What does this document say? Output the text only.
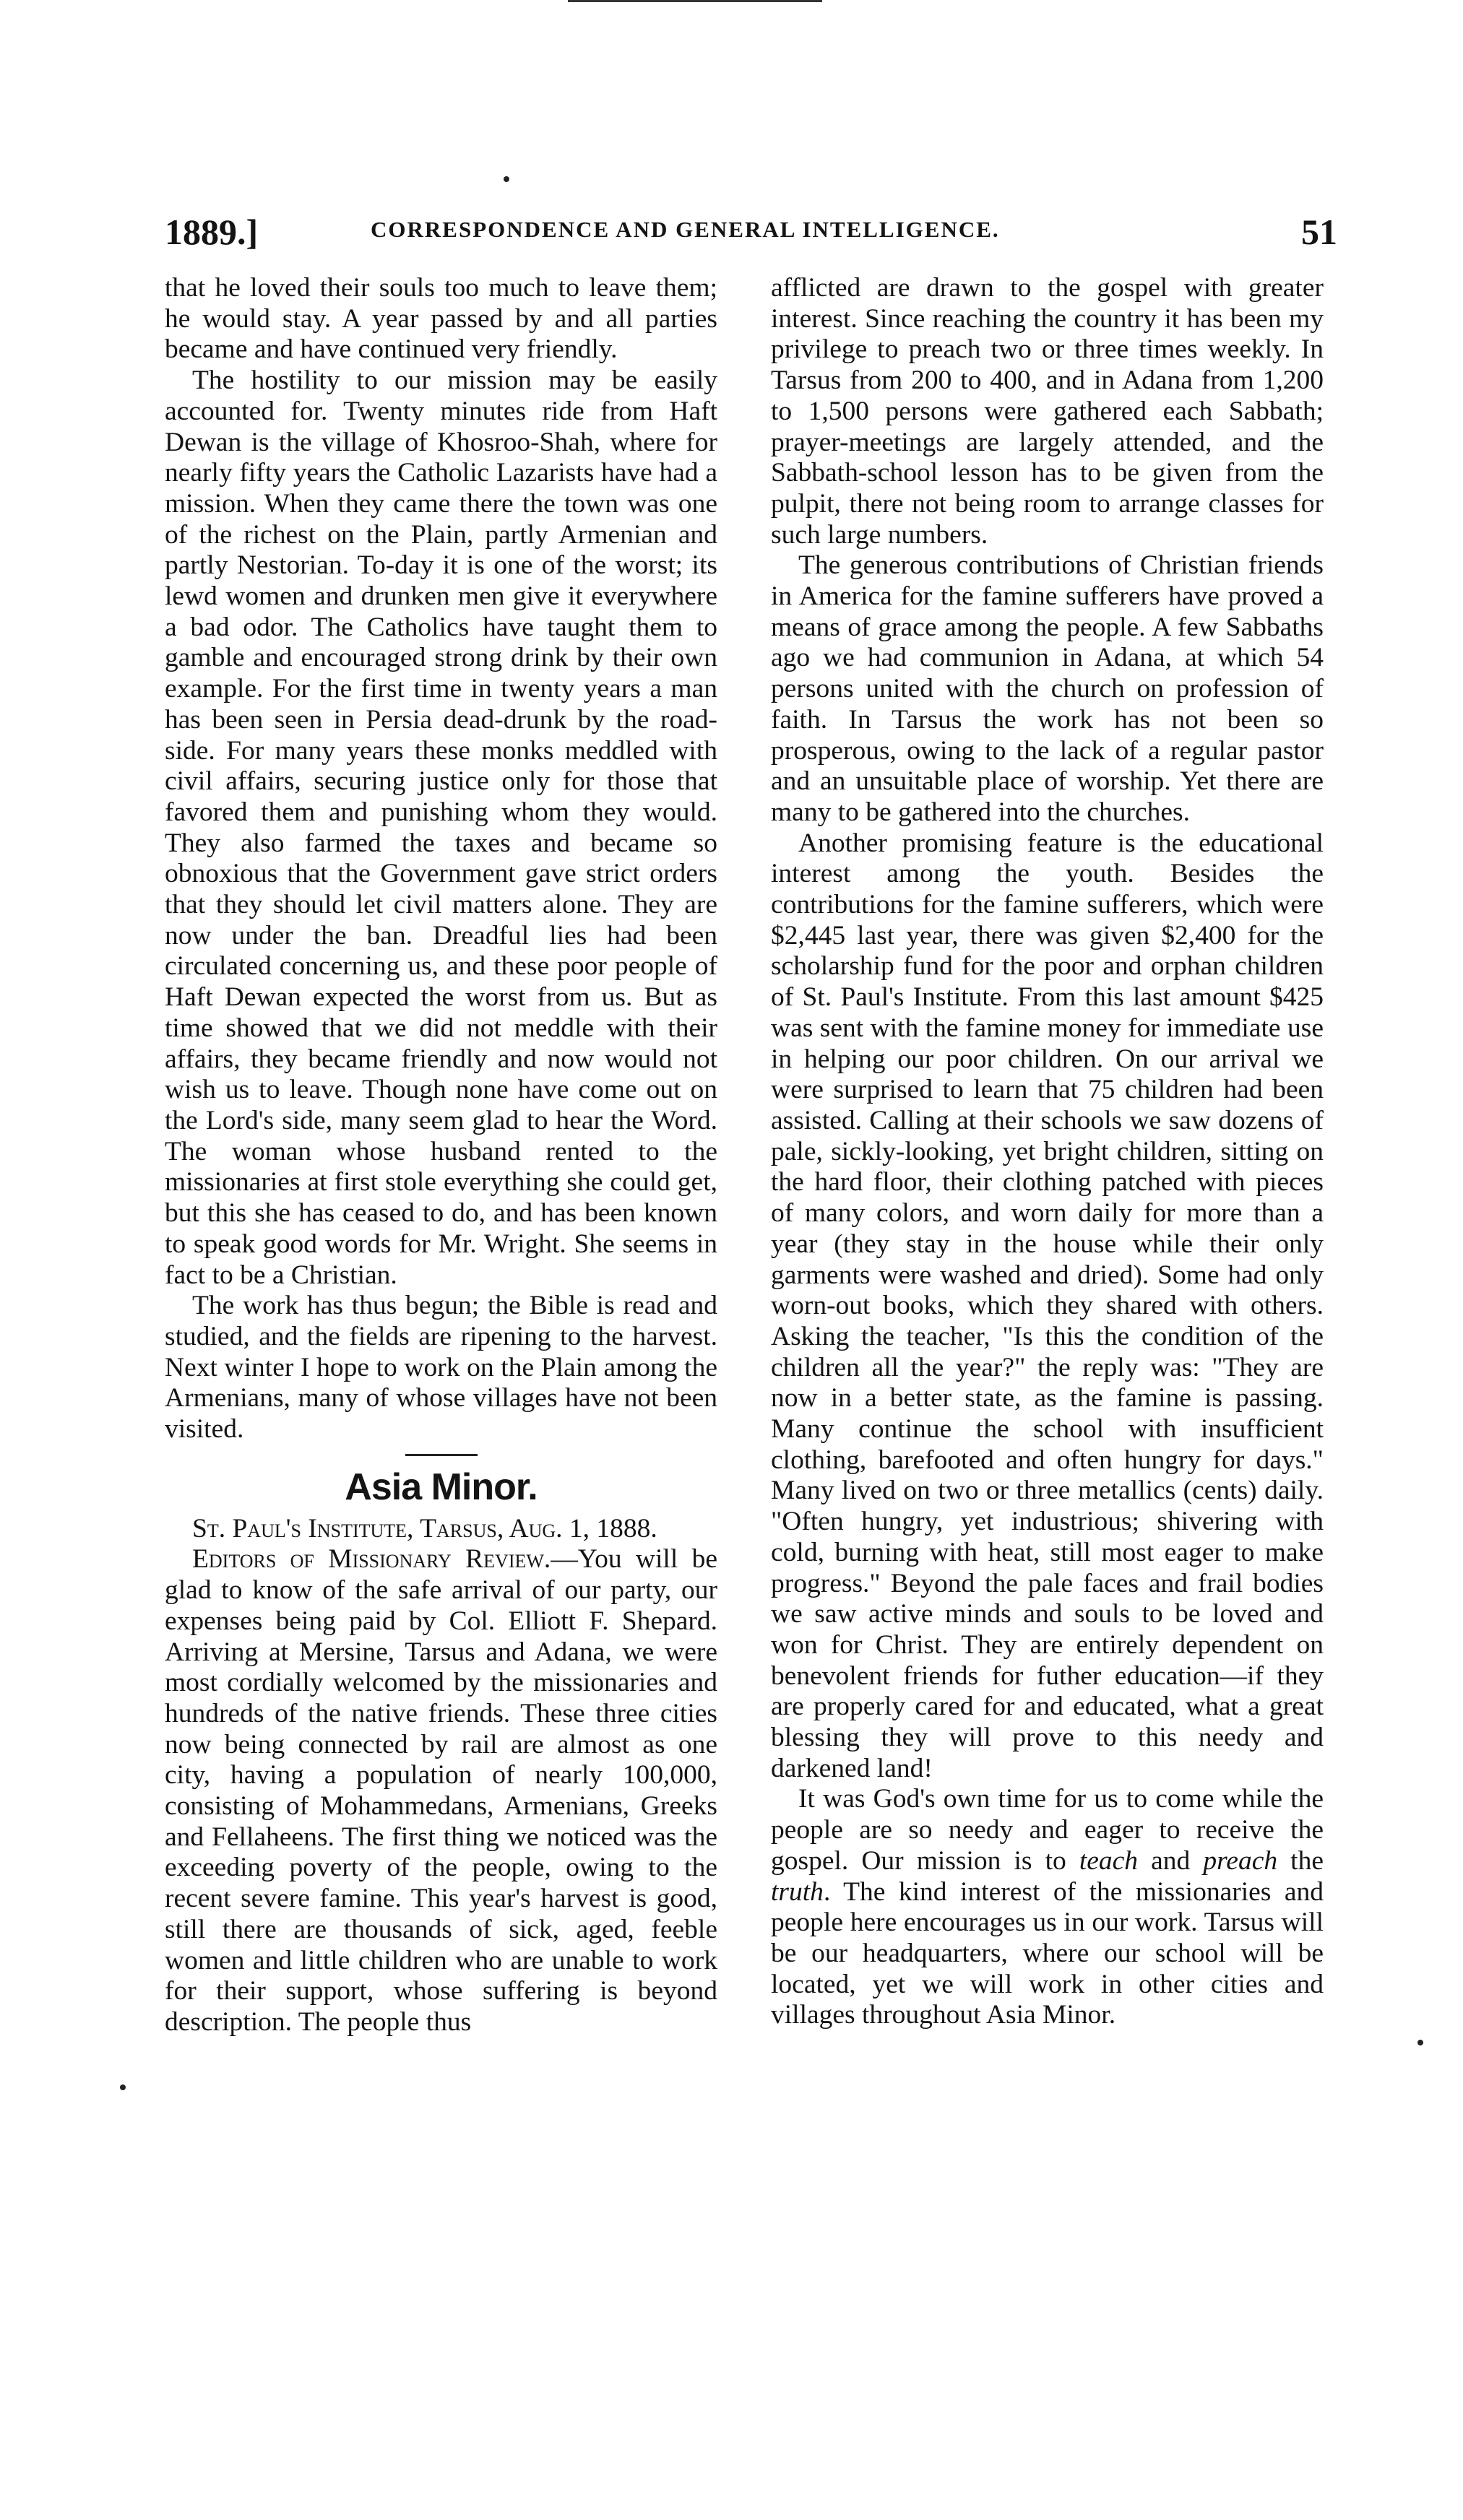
1889.]	CORRESPONDENCE AND GENERAL INTELLIGENCE.	51

that he loved their souls too much to leave them; he would stay. A year passed by and all parties became and have continued very friendly.

The hostility to our mission may be easily accounted for. Twenty minutes ride from Haft Dewan is the village of Khosroo-Shah, where for nearly fifty years the Catholic Lazarists have had a mission. When they came there the town was one of the richest on the Plain, partly Armenian and partly Nestorian. To-day it is one of the worst; its lewd women and drunken men give it everywhere a bad odor. The Catholics have taught them to gamble and encouraged strong drink by their own example. For the first time in twenty years a man has been seen in Persia dead-drunk by the road-side. For many years these monks meddled with civil affairs, securing justice only for those that favored them and punishing whom they would. They also farmed the taxes and became so obnoxious that the Government gave strict orders that they should let civil matters alone. They are now under the ban. Dreadful lies had been circulated concerning us, and these poor people of Haft Dewan expected the worst from us. But as time showed that we did not meddle with their affairs, they became friendly and now would not wish us to leave. Though none have come out on the Lord's side, many seem glad to hear the Word. The woman whose husband rented to the missionaries at first stole everything she could get, but this she has ceased to do, and has been known to speak good words for Mr. Wright. She seems in fact to be a Christian.

The work has thus begun; the Bible is read and studied, and the fields are ripening to the harvest. Next winter I hope to work on the Plain among the Armenians, many of whose villages have not been visited.

Asia Minor.

St. Paul's Institute, Tarsus, Aug. 1, 1888.

Editors of Missionary Review.—You will be glad to know of the safe arrival of our party, our expenses being paid by Col. Elliott F. Shepard. Arriving at Mersine, Tarsus and Adana, we were most cordially welcomed by the missionaries and hundreds of the native friends. These three cities now being connected by rail are almost as one city, having a population of nearly 100,000, consisting of Mohammedans, Armenians, Greeks and Fellaheens. The first thing we noticed was the exceeding poverty of the people, owing to the recent severe famine. This year's harvest is good, still there are thousands of sick, aged, feeble women and little children who are unable to work for their support, whose suffering is beyond description. The people thus

afflicted are drawn to the gospel with greater interest. Since reaching the country it has been my privilege to preach two or three times weekly. In Tarsus from 200 to 400, and in Adana from 1,200 to 1,500 persons were gathered each Sabbath; prayer-meetings are largely attended, and the Sabbath-school lesson has to be given from the pulpit, there not being room to arrange classes for such large numbers.

The generous contributions of Christian friends in America for the famine sufferers have proved a means of grace among the people. A few Sabbaths ago we had communion in Adana, at which 54 persons united with the church on profession of faith. In Tarsus the work has not been so prosperous, owing to the lack of a regular pastor and an unsuitable place of worship. Yet there are many to be gathered into the churches.

Another promising feature is the educational interest among the youth. Besides the contributions for the famine sufferers, which were $2,445 last year, there was given $2,400 for the scholarship fund for the poor and orphan children of St. Paul's Institute. From this last amount $425 was sent with the famine money for immediate use in helping our poor children. On our arrival we were surprised to learn that 75 children had been assisted. Calling at their schools we saw dozens of pale, sickly-looking, yet bright children, sitting on the hard floor, their clothing patched with pieces of many colors, and worn daily for more than a year (they stay in the house while their only garments were washed and dried). Some had only worn-out books, which they shared with others. Asking the teacher, "Is this the condition of the children all the year?" the reply was: "They are now in a better state, as the famine is passing. Many continue the school with insufficient clothing, barefooted and often hungry for days." Many lived on two or three metallics (cents) daily. "Often hungry, yet industrious; shivering with cold, burning with heat, still most eager to make progress." Beyond the pale faces and frail bodies we saw active minds and souls to be loved and won for Christ. They are entirely dependent on benevolent friends for futher education—if they are properly cared for and educated, what a great blessing they will prove to this needy and darkened land!

It was God's own time for us to come while the people are so needy and eager to receive the gospel. Our mission is to teach and preach the truth. The kind interest of the missionaries and people here encourages us in our work. Tarsus will be our headquarters, where our school will be located, yet we will work in other cities and villages throughout Asia Minor.
